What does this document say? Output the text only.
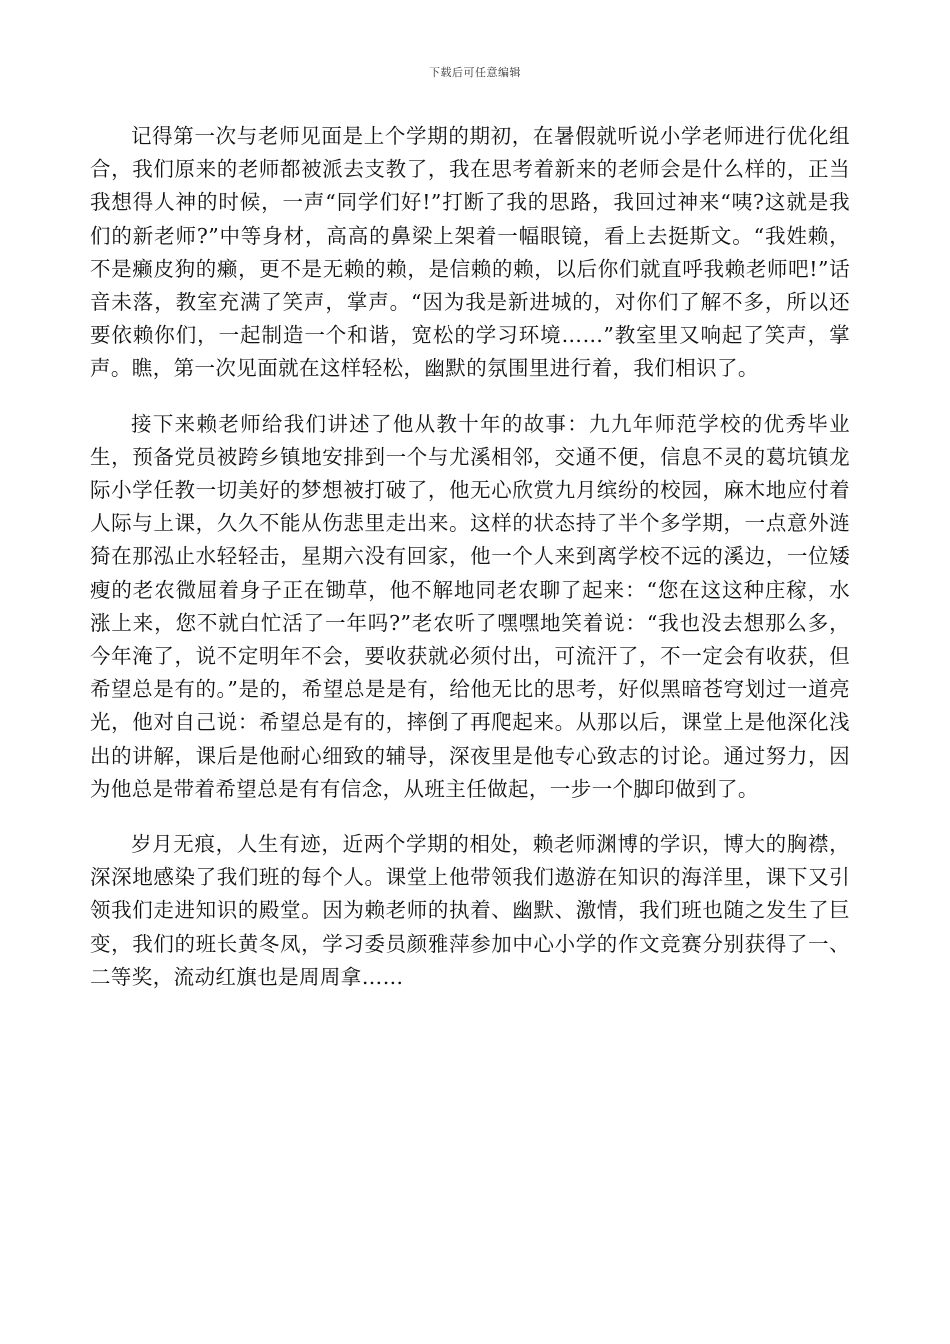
下载后可任意编辑

记得第一次与老师见面是上个学期的期初，在暑假就听说小学老师进行优化组合，我们原来的老师都被派去支教了，我在思考着新来的老师会是什么样的，正当我想得人神的时候，一声“同学们好!”打断了我的思路，我回过神来“咦?这就是我们的新老师?”中等身材，高高的鼻梁上架着一幅眼镜，看上去挺斯文。“我姓赖，不是癞皮狗的癞，更不是无赖的赖，是信赖的赖，以后你们就直呼我赖老师吧!”话音未落，教室充满了笑声，掌声。“因为我是新进城的，对你们了解不多，所以还要依赖你们，一起制造一个和谐，宽松的学习环境……”教室里又响起了笑声，掌声。瞧，第一次见面就在这样轻松，幽默的氛围里进行着，我们相识了。

接下来赖老师给我们讲述了他从教十年的故事：九九年师范学校的优秀毕业生，预备党员被跨乡镇地安排到一个与尤溪相邻，交通不便，信息不灵的葛坑镇龙际小学任教一切美好的梦想被打破了，他无心欣赏九月缤纷的校园，麻木地应付着人际与上课，久久不能从伤悲里走出来。这样的状态持了半个多学期，一点意外涟猗在那泓止水轻轻击，星期六没有回家，他一个人来到离学校不远的溪边，一位矮瘦的老农微屈着身子正在锄草，他不解地同老农聊了起来：“您在这这种庄稼，水涨上来，您不就白忙活了一年吗?”老农听了嘿嘿地笑着说：“我也没去想那么多，今年淹了，说不定明年不会，要收获就必须付出，可流汗了，不一定会有收获，但希望总是有的。”是的，希望总是是有，给他无比的思考，好似黑暗苍穹划过一道亮光，他对自己说：希望总是有的，摔倒了再爬起来。从那以后，课堂上是他深化浅出的讲解，课后是他耐心细致的辅导，深夜里是他专心致志的讨论。通过努力，因为他总是带着希望总是有有信念，从班主任做起，一步一个脚印做到了。

岁月无痕，人生有迹，近两个学期的相处，赖老师渊博的学识，博大的胸襟，深深地感染了我们班的每个人。课堂上他带领我们遨游在知识的海洋里，课下又引领我们走进知识的殿堂。因为赖老师的执着、幽默、激情，我们班也随之发生了巨变，我们的班长黄冬凤，学习委员颜雅萍参加中心小学的作文竞赛分别获得了一、二等奖，流动红旗也是周周拿……
